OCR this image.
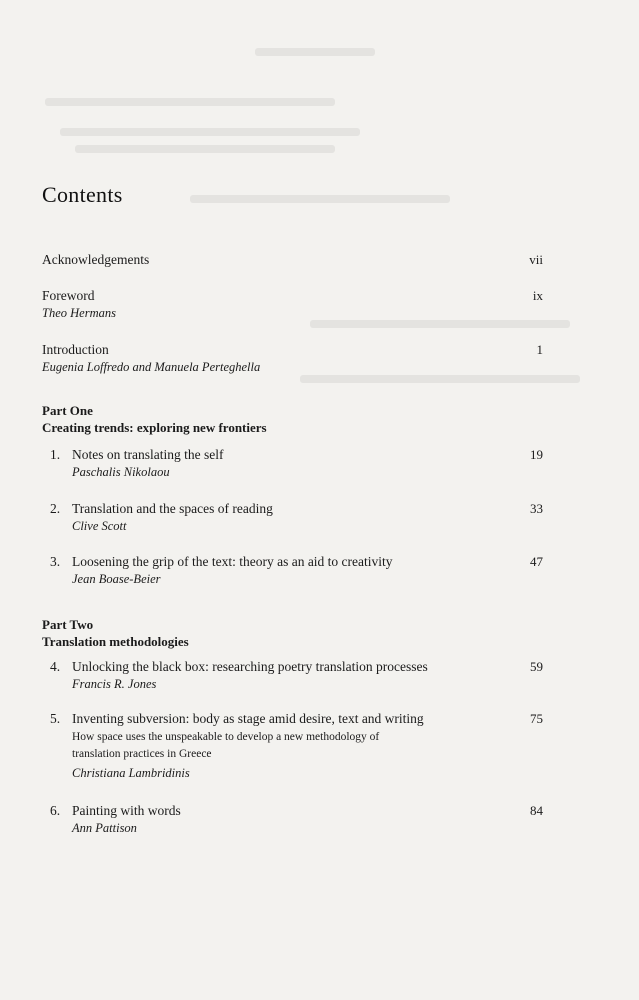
Contents
Acknowledgements	vii
Foreword	ix
Theo Hermans
Introduction	1
Eugenia Loffredo and Manuela Perteghella
Part One
Creating trends: exploring new frontiers
1. Notes on translating the self	19
Paschalis Nikolaou
2. Translation and the spaces of reading	33
Clive Scott
3. Loosening the grip of the text: theory as an aid to creativity	47
Jean Boase-Beier
Part Two
Translation methodologies
4. Unlocking the black box: researching poetry translation processes	59
Francis R. Jones
5. Inventing subversion: body as stage amid desire, text and writing	75
How space uses the unspeakable to develop a new methodology of
translation practices in Greece
Christiana Lambridinis
6. Painting with words	84
Ann Pattison
